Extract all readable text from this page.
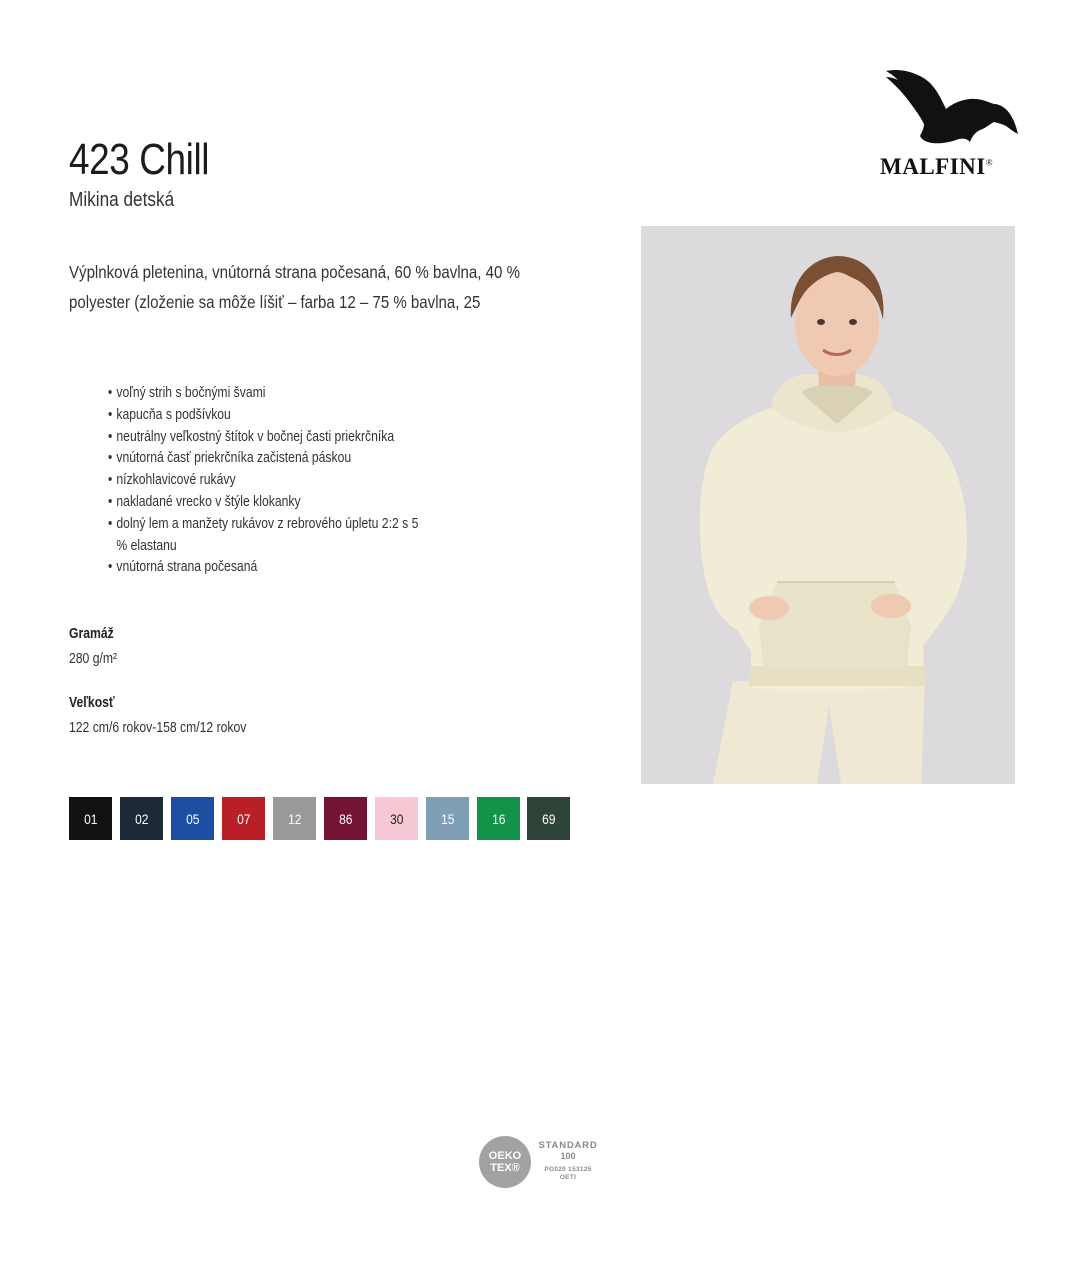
423 Chill
Mikina detská
MALFINI®
Výplnková pletenina, vnútorná strana počesaná, 60 % bavlna, 40 % polyester (zloženie sa môže líšiť – farba 12 – 75 % bavlna, 25
• voľný strih s bočnými švami
• kapucňa s podšívkou
• neutrálny veľkostný štítok v bočnej časti priekrčníka
• vnútorná časť priekrčníka začistená páskou
• nízkohlavicové rukávy
• nakladané vrecko v štýle klokanky
• dolný lem a manžety rukávov z rebrového úpletu 2:2 s 5 % elastanu
• vnútorná strana počesaná
Gramáž
280 g/m²
Veľkosť
122 cm/6 rokov-158 cm/12 rokov
01	02	05	07	12	86	30	15	16	69
OEKO
TEX®
STANDARD
100
PG020 153125
OETI
